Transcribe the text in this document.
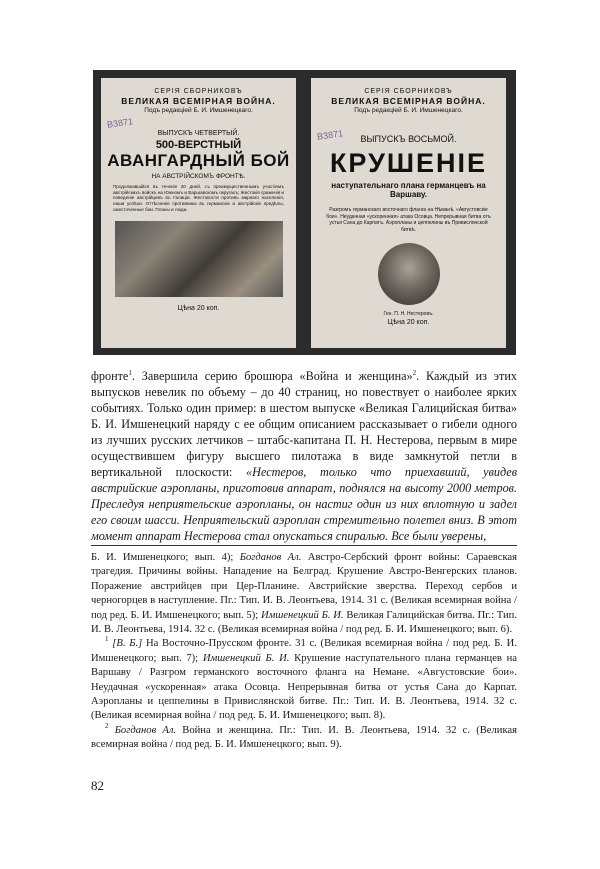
B3871
СЕРІЯ СБОРНИКОВЪ
ВЕЛИКАЯ ВСЕМІРНАЯ ВОЙНА.
Подъ редакціей Б. И. Имшенецкаго.
ВЫПУСКЪ ЧЕТВЕРТЫЙ.
500-ВЕРСТНЫЙ
АВАНГАРДНЫЙ БОЙ
НА АВСТРІЙСКОМЪ ФРОНТѢ.
Продолжавшійся въ теченіе 20 дней, съ преимущественнымъ участіемъ австрійскихъ войскъ на Южномъ и Варшавскомъ округахъ; Жестокія сраженія и поведеніе австрійцевъ въ Галиціи. Жестокости противъ мирнаго населенія, наши успѣхи. Оттѣсненіе противника въ германскіе и австрійскіе предѣлы, ожесточенные бои. Планы и люди.
Цѣна 20 коп.
B3871
СЕРІЯ СБОРНИКОВЪ
ВЕЛИКАЯ ВСЕМІРНАЯ ВОЙНА.
Подъ редакціей Б. И. Имшенецкаго.
ВЫПУСКЪ ВОСЬМОЙ.
КРУШЕНІЕ
наступательнаго плана германцевъ на Варшаву.
Разгромъ германскаго восточнаго фланга на Нѣманѣ. «Августовскіе бои». Неудачная «ускоренная» атака Осовца. Непрерывная битва отъ устья Сана до Карпатъ. Аэропланы и цеппелины въ Привислянской битвѣ.
Ген. П. Н. Нестеровъ.
Цѣна 20 коп.

фронте$^1$. Завершила серию брошюра «Война и женщина»$^2$. Каждый из этих выпусков невелик по объему – до 40 страниц, но повествует о наиболее ярких событиях. Только один пример: в шестом выпуске «Великая Галицийская битва» Б. И. Имшенецкий наряду с ее общим описанием рассказывает о гибели одного из лучших русских летчиков – штабс-капитана П. Н. Нестерова, первым в мире осуществившем фигуру высшего пилотажа в виде замкнутой петли в вертикальной плоскости: «Нестеров, только что приехавший, увидев австрийские аэропланы, приготовив аппарат, поднялся на высоту 2000 метров. Преследуя неприятельские аэропланы, он настиг один из них вплотную и задел его своим шасси. Неприятельский аэроплан стремительно полетел вниз. В этот момент аппарат Нестерова стал опускаться спиралью. Все были уверены,

Б. И. Имшенецкого; вып. 4); Богданов Ал. Австро-Сербский фронт войны: Сараевская трагедия. Причины войны. Нападение на Белград. Крушение Австро-Венгерских планов. Поражение австрийцев при Цер-Планине. Австрийские зверства. Переход сербов и черногорцев в наступление. Пг.: Тип. И. В. Леонтьева, 1914. 31 с. (Великая всемирная война / под ред. Б. И. Имшенецкого; вып. 5); Имшенецкий Б. И. Великая Галицийская битва. Пг.: Тип. И. В. Леонтьева, 1914. 32 с. (Великая всемирная война / под ред. Б. И. Имшенецкого; вып. 6).

$^1$ [В. Б.] На Восточно-Прусском фронте. 31 с. (Великая всемирная война / под ред. Б. И. Имшенецкого; вып. 7); Имшенецкий Б. И. Крушение наступательного плана германцев на Варшаву / Разгром германского восточного фланга на Немане. «Августовские бои». Неудачная «ускоренная» атака Осовца. Непрерывная битва от устья Сана до Карпат. Аэропланы и цеппелины в Привислянской битве. Пг.: Тип. И. В. Леонтьева, 1914. 32 с. (Великая всемирная война / под ред. Б. И. Имшенецкого; вып. 8).

$^2$ Богданов Ал. Война и женщина. Пг.: Тип. И. В. Леонтьева, 1914. 32 с. (Великая всемирная война / под ред. Б. И. Имшенецкого; вып. 9).

82
